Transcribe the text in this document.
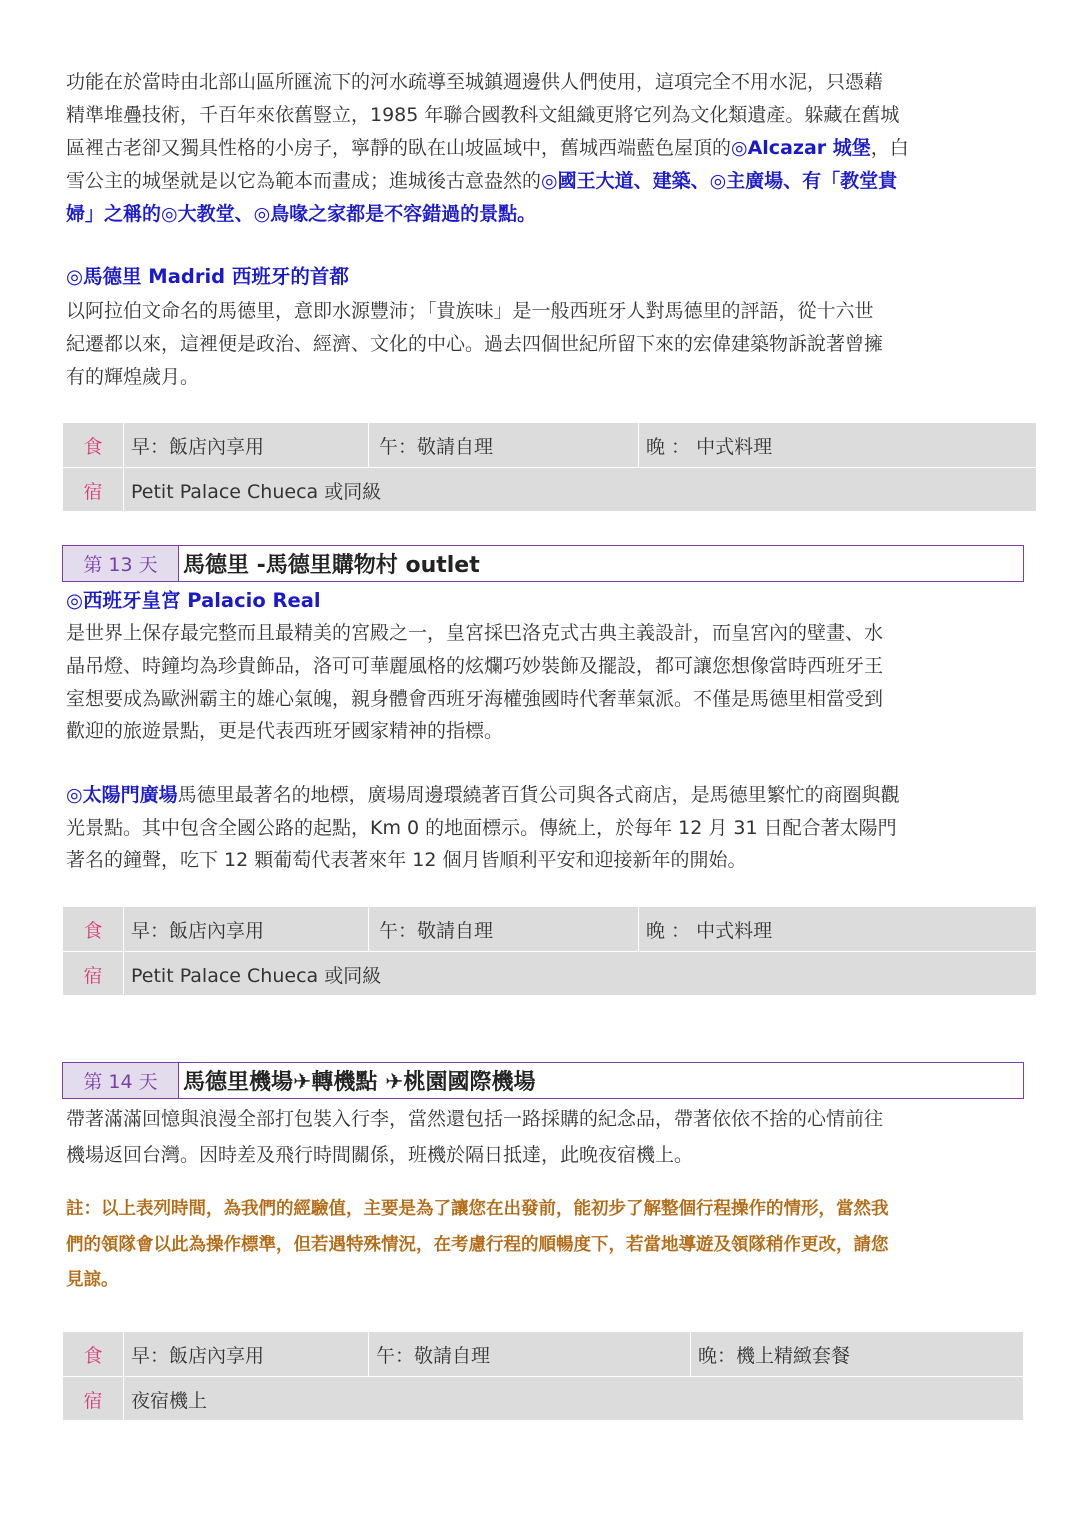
功能在於當時由北部山區所匯流下的河水疏導至城鎮週邊供人們使用，這項完全不用水泥，只憑藉

精準堆疊技術，千百年來依舊豎立，1985 年聯合國教科文組織更將它列為文化類遺產。躲藏在舊城

區裡古老卻又獨具性格的小房子，寧靜的臥在山坡區域中，舊城西端藍色屋頂的◎Alcazar 城堡，白

雪公主的城堡就是以它為範本而畫成；進城後古意盎然的◎國王大道、建築、◎主廣場、有「教堂貴

婦」之稱的◎大教堂、◎鳥喙之家都是不容錯過的景點。

◎馬德里 Madrid 西班牙的首都

以阿拉伯文命名的馬德里，意即水源豐沛；「貴族味」是一般西班牙人對馬德里的評語，從十六世

紀遷都以來，這裡便是政治、經濟、文化的中心。過去四個世紀所留下來的宏偉建築物訴說著曾擁

有的輝煌歲月。

食	早：飯店內享用	午：敬請自理	晚 ： 中式料理
宿	Petit Palace Chueca 或同級
第 13 天	馬德里 -馬德里購物村 outlet

◎西班牙皇宮 Palacio Real

是世界上保存最完整而且最精美的宮殿之一，皇宮採巴洛克式古典主義設計，而皇宮內的壁畫、水

晶吊燈、時鐘均為珍貴飾品，洛可可華麗風格的炫爛巧妙裝飾及擺設，都可讓您想像當時西班牙王

室想要成為歐洲霸主的雄心氣魄，親身體會西班牙海權強國時代奢華氣派。不僅是馬德里相當受到

歡迎的旅遊景點，更是代表西班牙國家精神的指標。

◎太陽門廣場馬德里最著名的地標，廣場周邊環繞著百貨公司與各式商店，是馬德里繁忙的商圈與觀

光景點。其中包含全國公路的起點，Km 0 的地面標示。傳統上，於每年 12 月 31 日配合著太陽門

著名的鐘聲，吃下 12 顆葡萄代表著來年 12 個月皆順利平安和迎接新年的開始。

食	早：飯店內享用	午：敬請自理	晚 ： 中式料理
宿	Petit Palace Chueca 或同級
第 14 天	馬德里機場✈轉機點 ✈桃園國際機場

帶著滿滿回憶與浪漫全部打包裝入行李，當然還包括一路採購的紀念品，帶著依依不捨的心情前往

機場返回台灣。因時差及飛行時間關係，班機於隔日抵達，此晚夜宿機上。

註：以上表列時間，為我們的經驗值，主要是為了讓您在出發前，能初步了解整個行程操作的情形，當然我

們的領隊會以此為操作標準，但若遇特殊情況，在考慮行程的順暢度下，若當地導遊及領隊稍作更改，請您

見諒。

食	早：飯店內享用	午：敬請自理	晚：機上精緻套餐
宿	夜宿機上
